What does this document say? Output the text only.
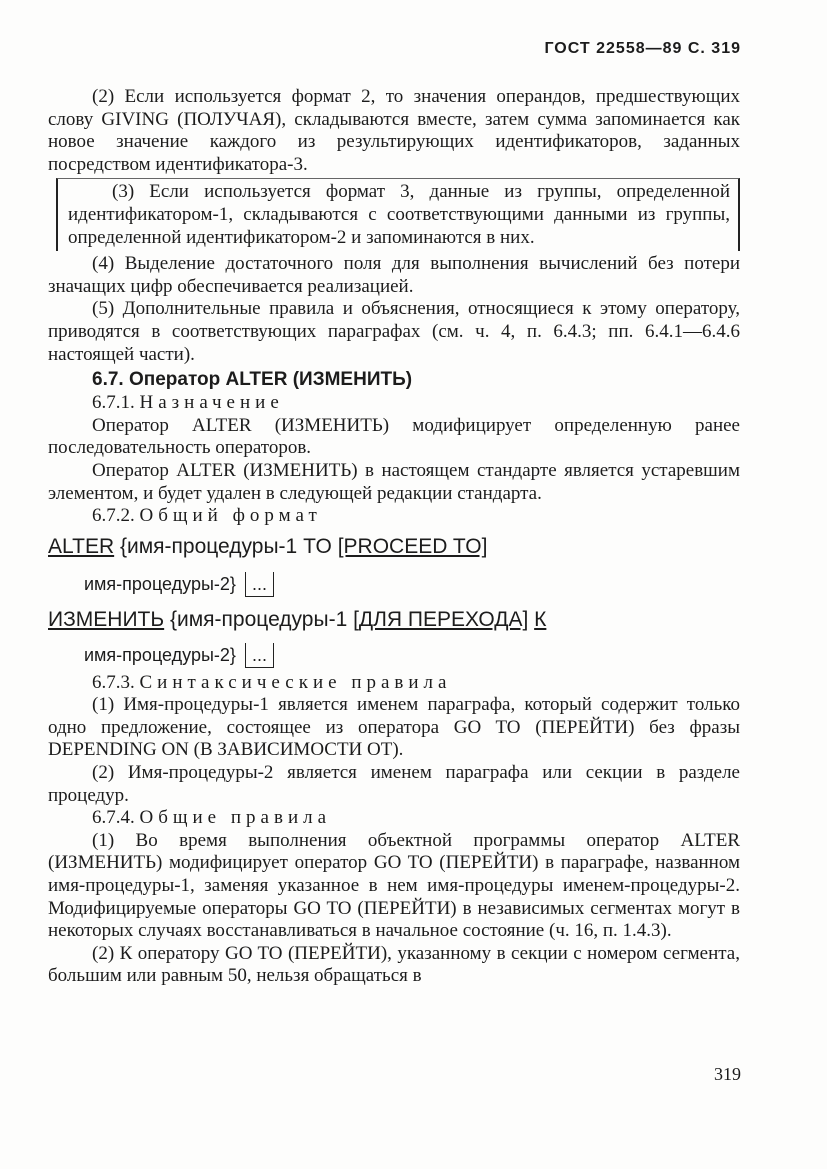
ГОСТ 22558—89 С. 319

(2) Если используется формат 2, то значения операндов, предшествующих слову GIVING (ПОЛУЧАЯ), складываются вместе, затем сумма запоминается как новое значение каждого из результирующих идентификаторов, заданных посредством идентификатора-3.

(3) Если используется формат 3, данные из группы, определенной идентификатором-1, складываются с соответствующими данными из группы, определенной идентификатором-2 и запоминаются в них.

(4) Выделение достаточного поля для выполнения вычислений без потери значащих цифр обеспечивается реализацией.

(5) Дополнительные правила и объяснения, относящиеся к этому оператору, приводятся в соответствующих параграфах (см. ч. 4, п. 6.4.3; пп. 6.4.1—6.4.6 настоящей части).

6.7. Оператор ALTER (ИЗМЕНИТЬ)

6.7.1. Назначение

Оператор ALTER (ИЗМЕНИТЬ) модифицирует определенную ранее последовательность операторов.

Оператор ALTER (ИЗМЕНИТЬ) в настоящем стандарте является устаревшим элементом, и будет удален в следующей редакции стандарта.

6.7.2. Общий формат

ALTER {имя-процедуры-1 TO [PROCEED TO]
имя-процедуры-2} ...
ИЗМЕНИТЬ {имя-процедуры-1 [ДЛЯ ПЕРЕХОДА] К
имя-процедуры-2} ...

6.7.3. Синтаксические правила

(1) Имя-процедуры-1 является именем параграфа, который содержит только одно предложение, состоящее из оператора GO TO (ПЕРЕЙТИ) без фразы DEPENDING ON (В ЗАВИСИМОСТИ ОТ).

(2) Имя-процедуры-2 является именем параграфа или секции в разделе процедур.

6.7.4. Общие правила

(1) Во время выполнения объектной программы оператор ALTER (ИЗМЕНИТЬ) модифицирует оператор GO TO (ПЕРЕЙТИ) в параграфе, названном имя-процедуры-1, заменяя указанное в нем имя-процедуры именем-процедуры-2. Модифицируемые операторы GO TO (ПЕРЕЙТИ) в независимых сегментах могут в некоторых случаях восстанавливаться в начальное состояние (ч. 16, п. 1.4.3).

(2) К оператору GO TO (ПЕРЕЙТИ), указанному в секции с номером сегмента, большим или равным 50, нельзя обращаться в

319
